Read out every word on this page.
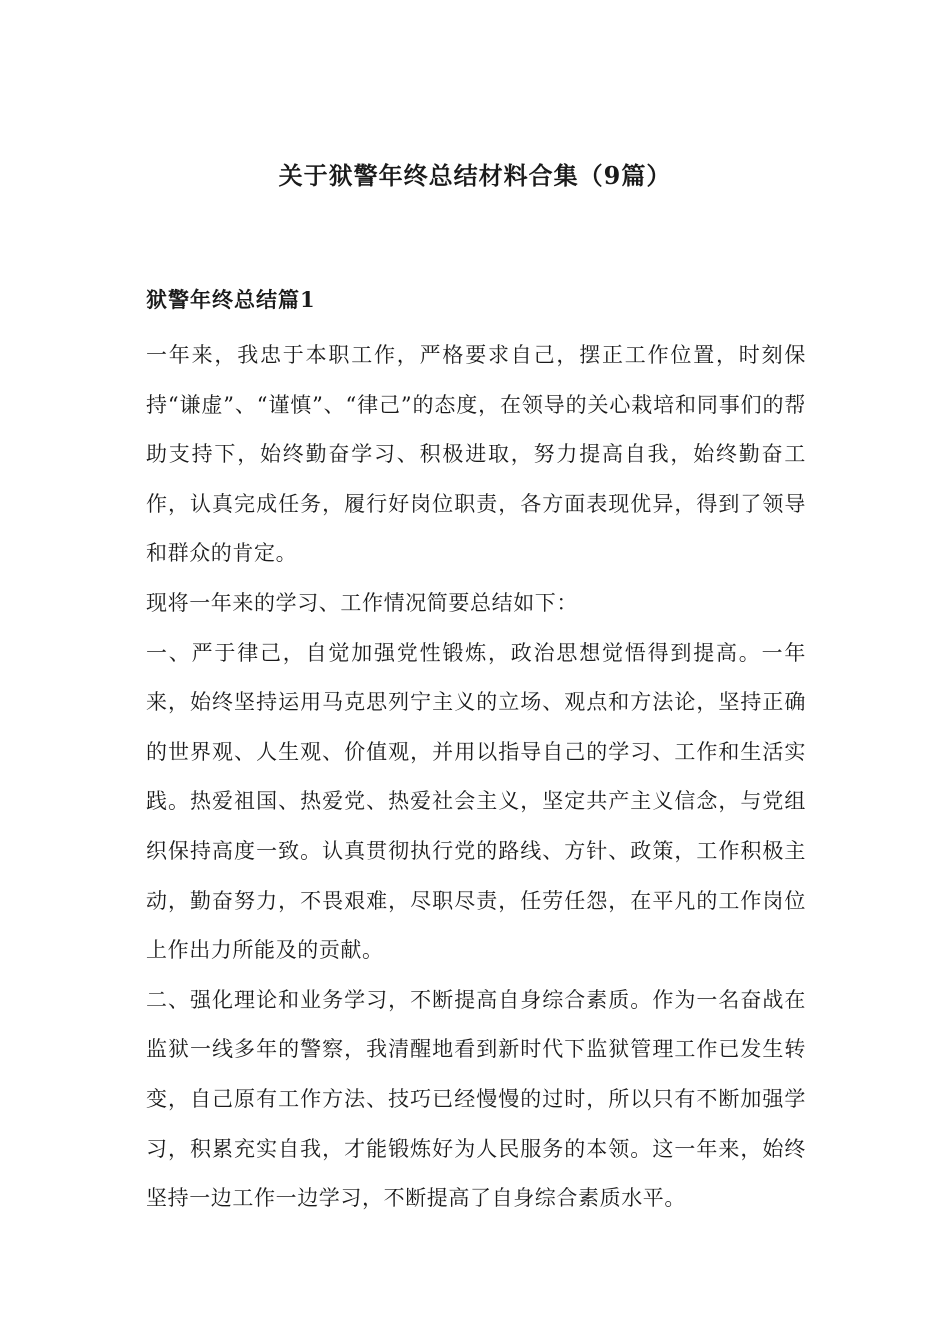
关于狱警年终总结材料合集（9篇）
狱警年终总结篇1

一年来，我忠于本职工作，严格要求自己，摆正工作位置，时刻保持“谦虚”、“谨慎”、“律己”的态度，在领导的关心栽培和同事们的帮助支持下，始终勤奋学习、积极进取，努力提高自我，始终勤奋工作，认真完成任务，履行好岗位职责，各方面表现优异，得到了领导和群众的肯定。

现将一年来的学习、工作情况简要总结如下：

一、严于律己，自觉加强党性锻炼，政治思想觉悟得到提高。一年来，始终坚持运用马克思列宁主义的立场、观点和方法论，坚持正确的世界观、人生观、价值观，并用以指导自己的学习、工作和生活实践。热爱祖国、热爱党、热爱社会主义，坚定共产主义信念，与党组织保持高度一致。认真贯彻执行党的路线、方针、政策，工作积极主动，勤奋努力，不畏艰难，尽职尽责，任劳任怨，在平凡的工作岗位上作出力所能及的贡献。

二、强化理论和业务学习，不断提高自身综合素质。作为一名奋战在监狱一线多年的警察，我清醒地看到新时代下监狱管理工作已发生转变，自己原有工作方法、技巧已经慢慢的过时，所以只有不断加强学习，积累充实自我，才能锻炼好为人民服务的本领。这一年来，始终坚持一边工作一边学习，不断提高了自身综合素质水平。
